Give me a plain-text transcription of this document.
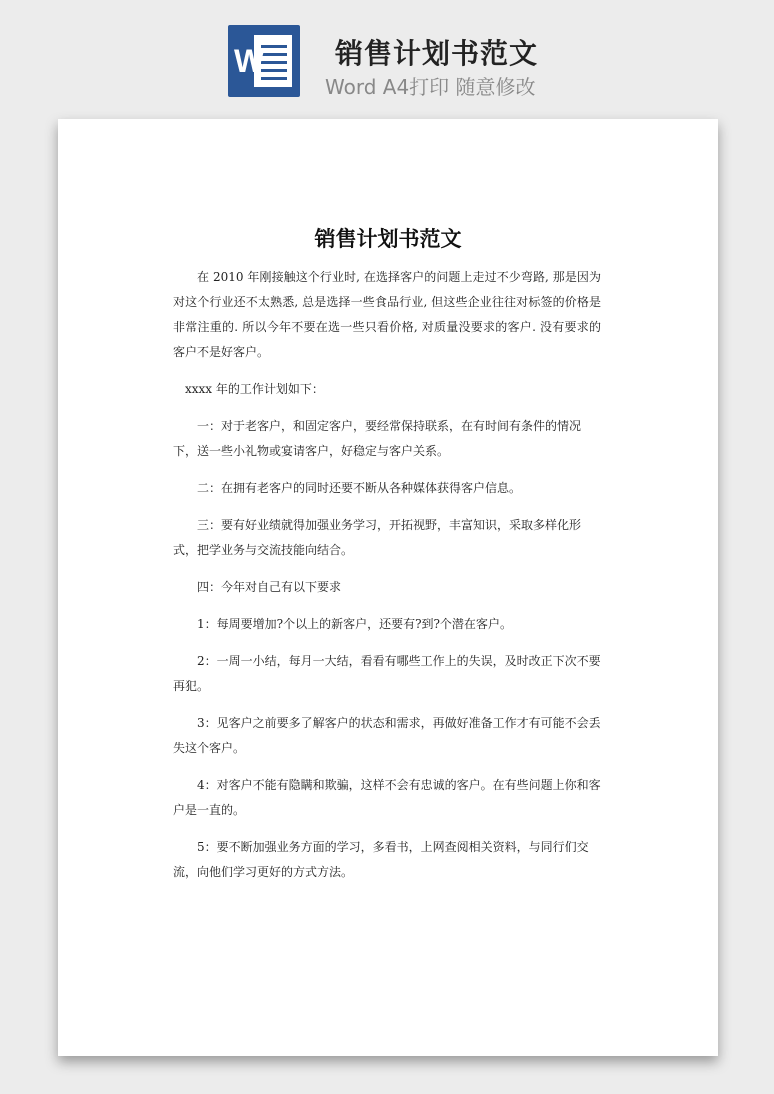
W	销售计划书范文
Word A4打印 随意修改
销售计划书范文

在 2010 年刚接触这个行业时, 在选择客户的问题上走过不少弯路, 那是因为对这个行业还不太熟悉, 总是选择一些食品行业, 但这些企业往往对标签的价格是非常注重的. 所以今年不要在选一些只看价格, 对质量没要求的客户. 没有要求的客户不是好客户。

xxxx 年的工作计划如下：

一：对于老客户，和固定客户，要经常保持联系，在有时间有条件的情况下，送一些小礼物或宴请客户，好稳定与客户关系。

二：在拥有老客户的同时还要不断从各种媒体获得客户信息。

三：要有好业绩就得加强业务学习，开拓视野，丰富知识，采取多样化形式，把学业务与交流技能向结合。

四：今年对自己有以下要求

1：每周要增加?个以上的新客户，还要有?到?个潜在客户。

2：一周一小结，每月一大结，看看有哪些工作上的失误，及时改正下次不要再犯。

3：见客户之前要多了解客户的状态和需求，再做好准备工作才有可能不会丢失这个客户。

4：对客户不能有隐瞒和欺骗，这样不会有忠诚的客户。在有些问题上你和客户是一直的。

5：要不断加强业务方面的学习，多看书，上网查阅相关资料，与同行们交流，向他们学习更好的方式方法。
